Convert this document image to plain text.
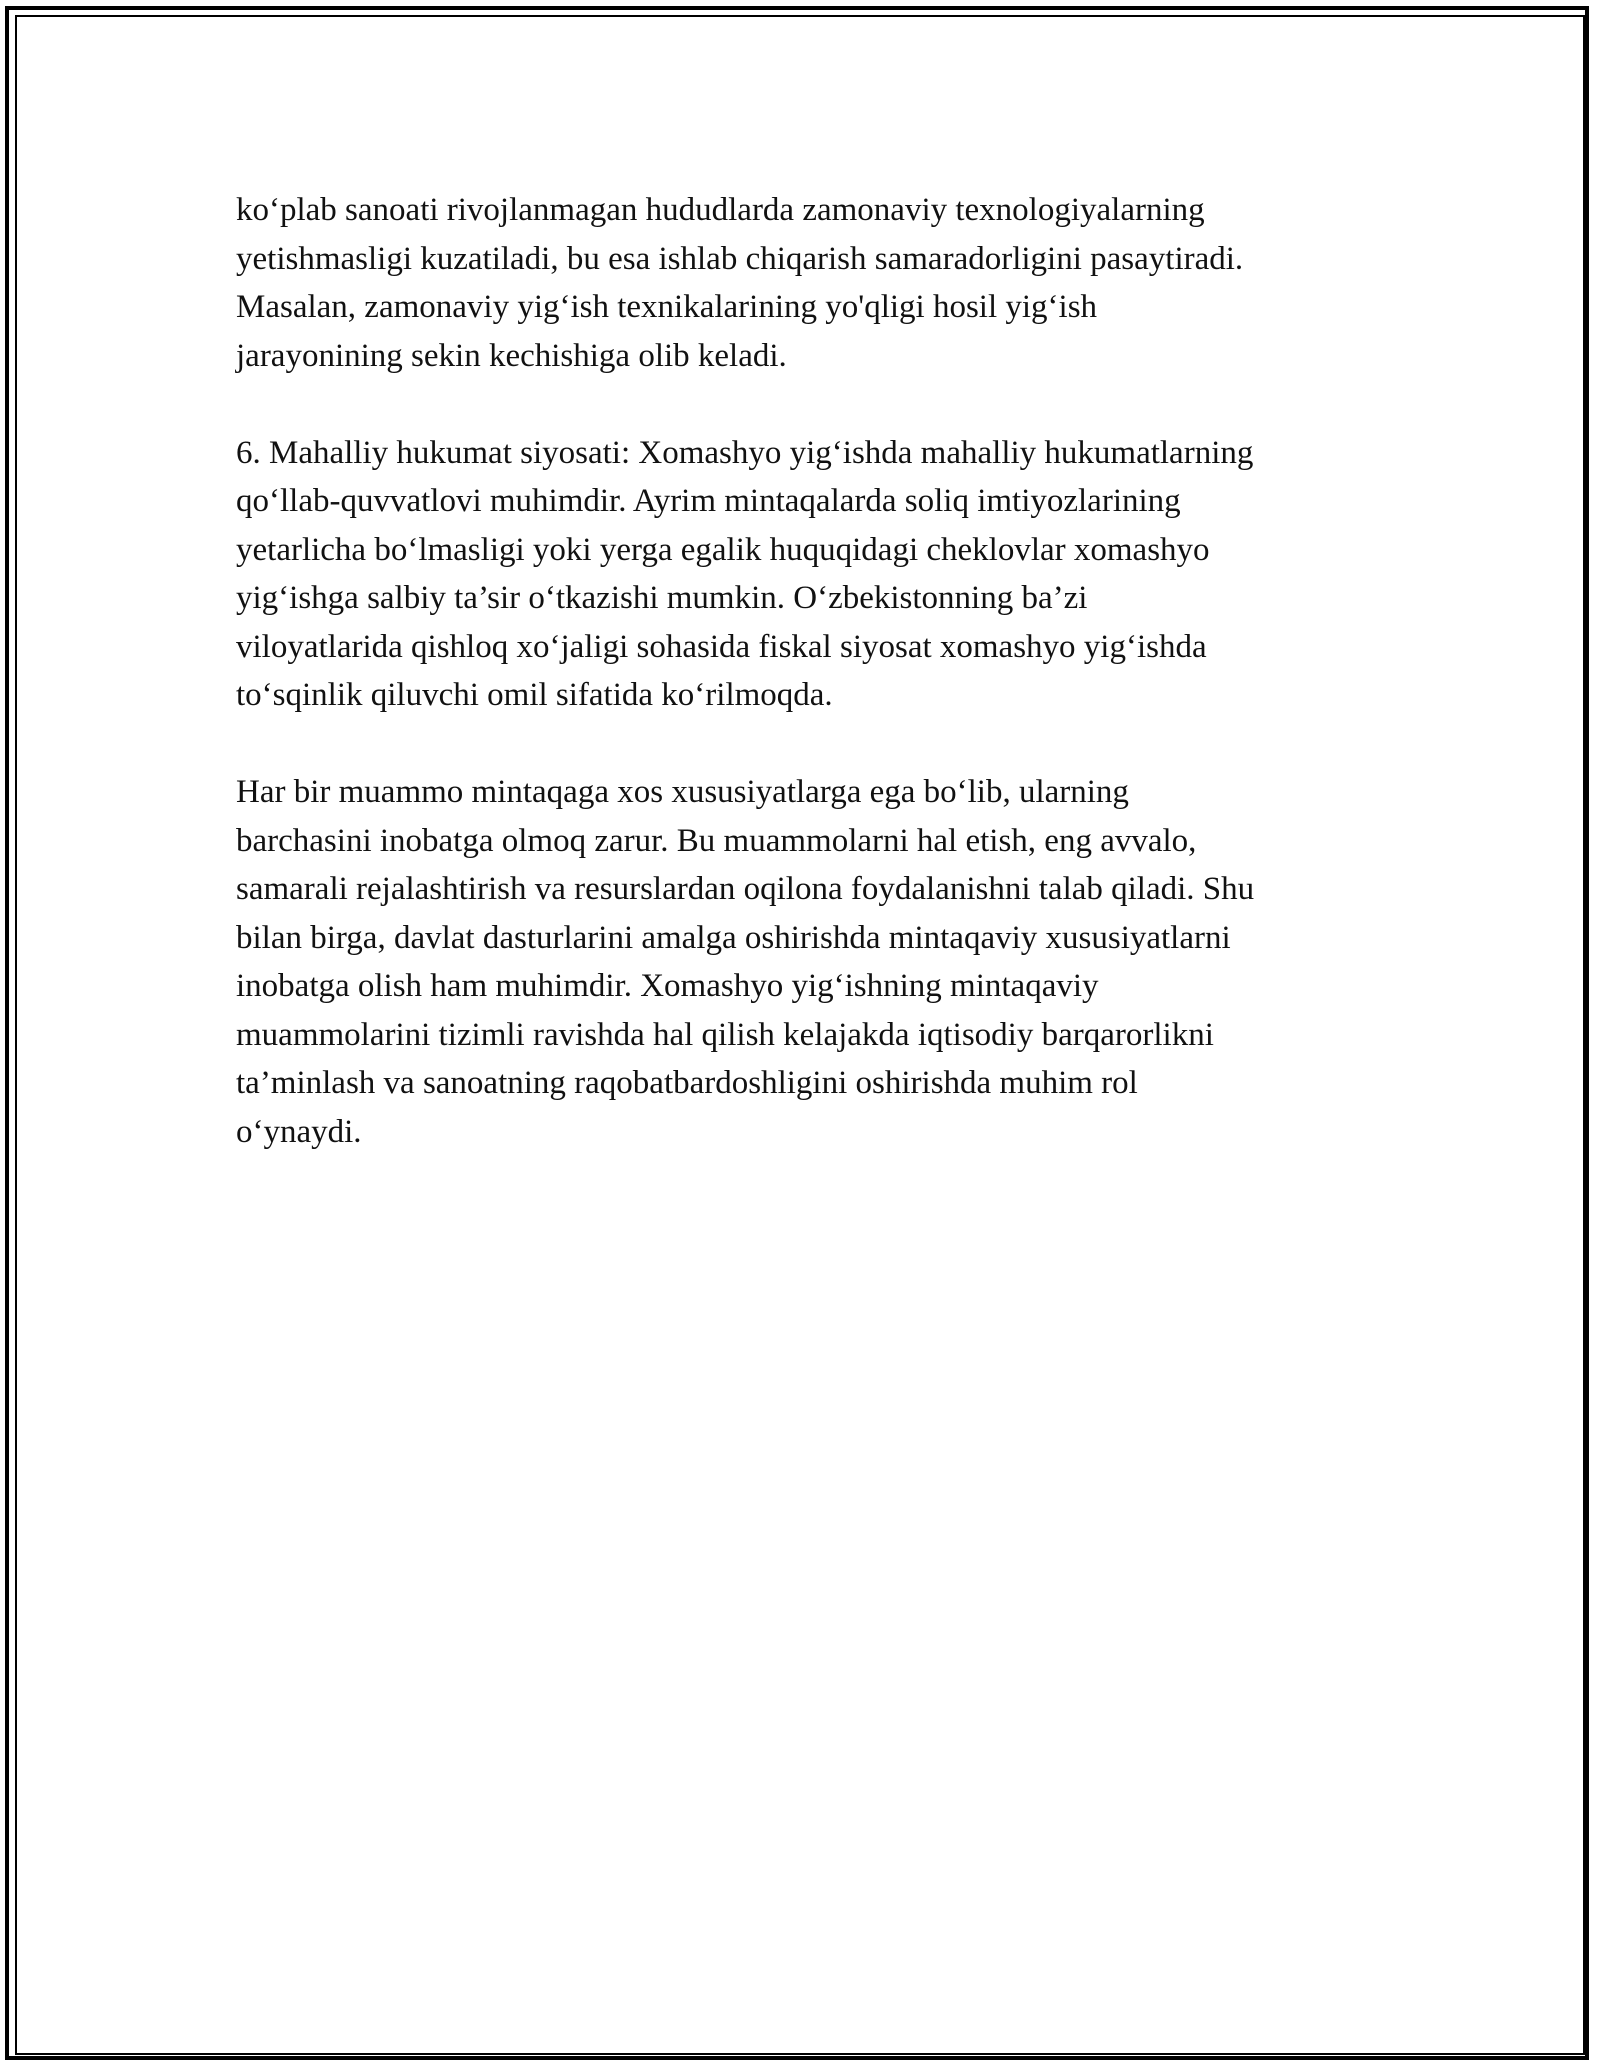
ko‘plab sanoati rivojlanmagan hududlarda zamonaviy texnologiyalarning
yetishmasligi kuzatiladi, bu esa ishlab chiqarish samaradorligini pasaytiradi.
Masalan, zamonaviy yig‘ish texnikalarining yo'qligi hosil yig‘ish
jarayonining sekin kechishiga olib keladi.

6. Mahalliy hukumat siyosati: Xomashyo yig‘ishda mahalliy hukumatlarning
qo‘llab-quvvatlovi muhimdir. Ayrim mintaqalarda soliq imtiyozlarining
yetarlicha bo‘lmasligi yoki yerga egalik huquqidagi cheklovlar xomashyo
yig‘ishga salbiy ta’sir o‘tkazishi mumkin. O‘zbekistonning ba’zi
viloyatlarida qishloq xo‘jaligi sohasida fiskal siyosat xomashyo yig‘ishda
to‘sqinlik qiluvchi omil sifatida ko‘rilmoqda.

Har bir muammo mintaqaga xos xususiyatlarga ega bo‘lib, ularning
barchasini inobatga olmoq zarur. Bu muammolarni hal etish, eng avvalo,
samarali rejalashtirish va resurslardan oqilona foydalanishni talab qiladi. Shu
bilan birga, davlat dasturlarini amalga oshirishda mintaqaviy xususiyatlarni
inobatga olish ham muhimdir. Xomashyo yig‘ishning mintaqaviy
muammolarini tizimli ravishda hal qilish kelajakda iqtisodiy barqarorlikni
ta’minlash va sanoatning raqobatbardoshligini oshirishda muhim rol
o‘ynaydi.
